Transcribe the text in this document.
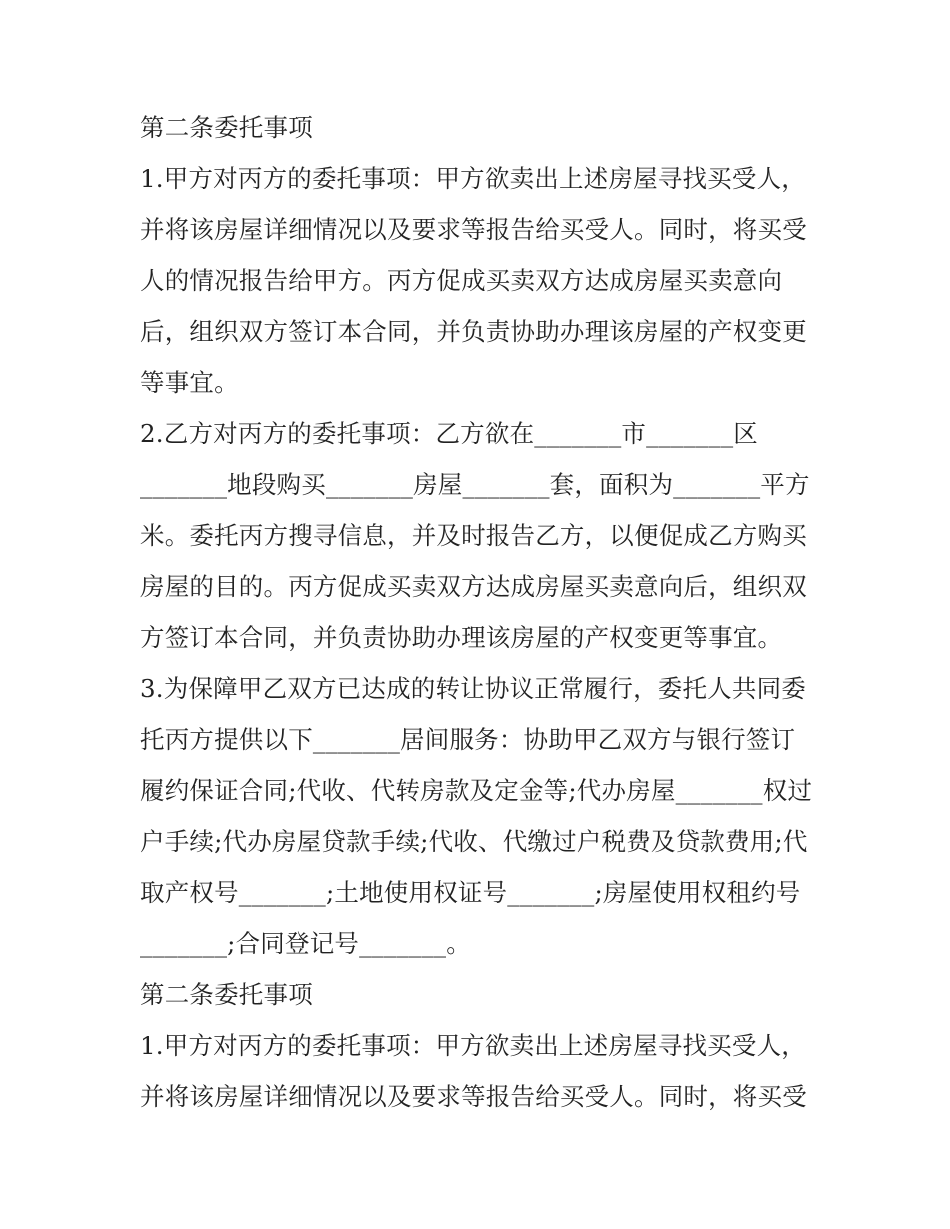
第二条委托事项
1.甲方对丙方的委托事项：甲方欲卖出上述房屋寻找买受人，
并将该房屋详细情况以及要求等报告给买受人。同时，将买受
人的情况报告给甲方。丙方促成买卖双方达成房屋买卖意向
后，组织双方签订本合同，并负责协助办理该房屋的产权变更
等事宜。
2.乙方对丙方的委托事项：乙方欲在_______市_______区
_______地段购买_______房屋_______套，面积为_______平方
米。委托丙方搜寻信息，并及时报告乙方，以便促成乙方购买
房屋的目的。丙方促成买卖双方达成房屋买卖意向后，组织双
方签订本合同，并负责协助办理该房屋的产权变更等事宜。
3.为保障甲乙双方已达成的转让协议正常履行，委托人共同委
托丙方提供以下_______居间服务：协助甲乙双方与银行签订
履约保证合同;代收、代转房款及定金等;代办房屋_______权过
户手续;代办房屋贷款手续;代收、代缴过户税费及贷款费用;代
取产权号_______;土地使用权证号_______;房屋使用权租约号
_______;合同登记号_______。
第二条委托事项
1.甲方对丙方的委托事项：甲方欲卖出上述房屋寻找买受人，
并将该房屋详细情况以及要求等报告给买受人。同时，将买受
